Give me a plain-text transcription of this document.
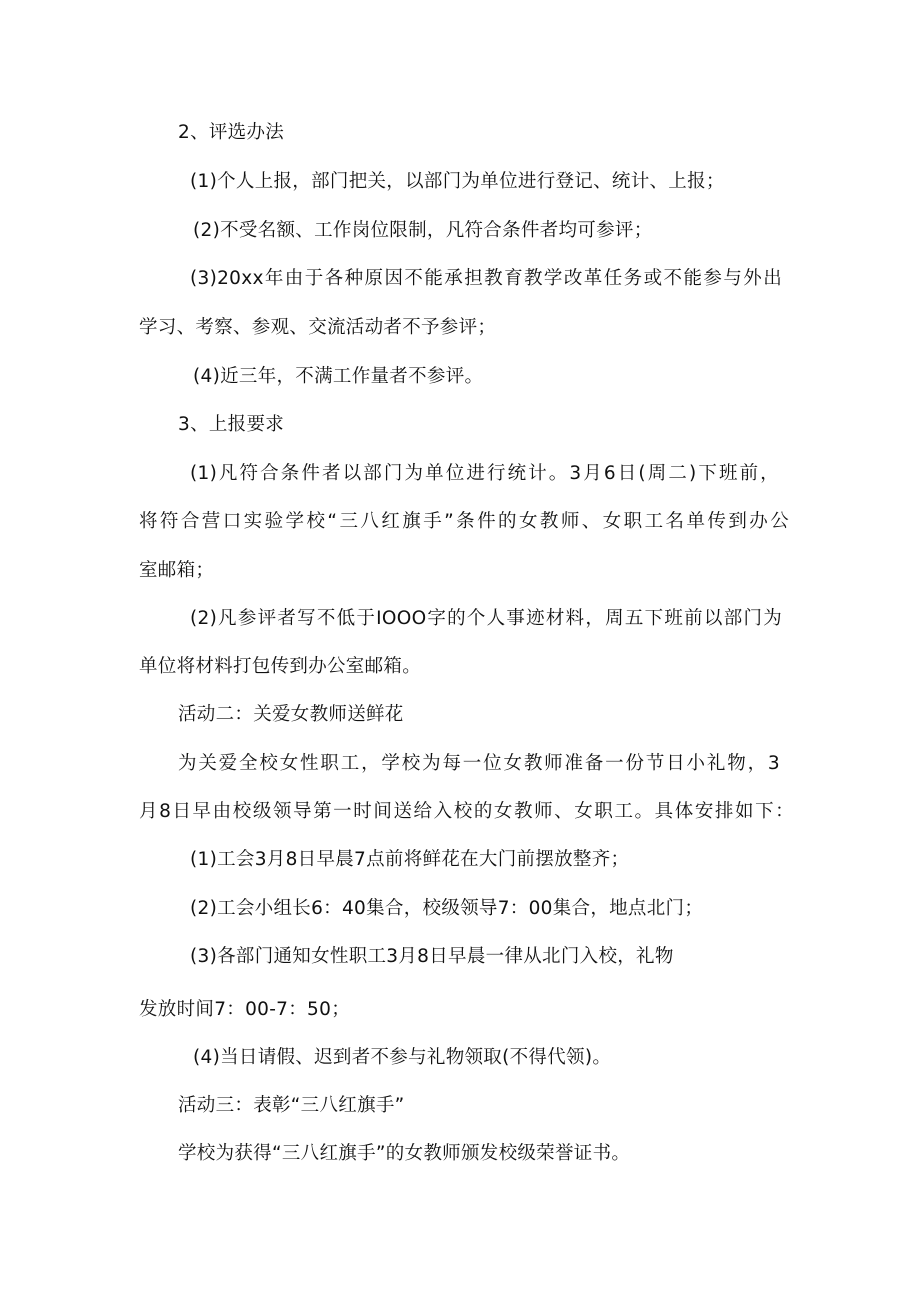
2、评选办法
(1)个人上报，部门把关，以部门为单位进行登记、统计、上报；
(2)不受名额、工作岗位限制，凡符合条件者均可参评；
(3)20xx年由于各种原因不能承担教育教学改革任务或不能参与外出
学习、考察、参观、交流活动者不予参评；
(4)近三年，不满工作量者不参评。
3、上报要求
(1)凡符合条件者以部门为单位进行统计。3月6日(周二)下班前，
将符合营口实验学校“三八红旗手”条件的女教师、女职工名单传到办公
室邮箱；
(2)凡参评者写不低于IOOO字的个人事迹材料，周五下班前以部门为
单位将材料打包传到办公室邮箱。
活动二：关爱女教师送鲜花
为关爱全校女性职工，学校为每一位女教师准备一份节日小礼物，3
月8日早由校级领导第一时间送给入校的女教师、女职工。具体安排如下：
(1)工会3月8日早晨7点前将鲜花在大门前摆放整齐；
(2)工会小组长6：40集合，校级领导7：00集合，地点北门；
(3)各部门通知女性职工3月8日早晨一律从北门入校，礼物
发放时间7：00-7：50；
(4)当日请假、迟到者不参与礼物领取(不得代领)。
活动三：表彰“三八红旗手”
学校为获得“三八红旗手”的女教师颁发校级荣誉证书。
